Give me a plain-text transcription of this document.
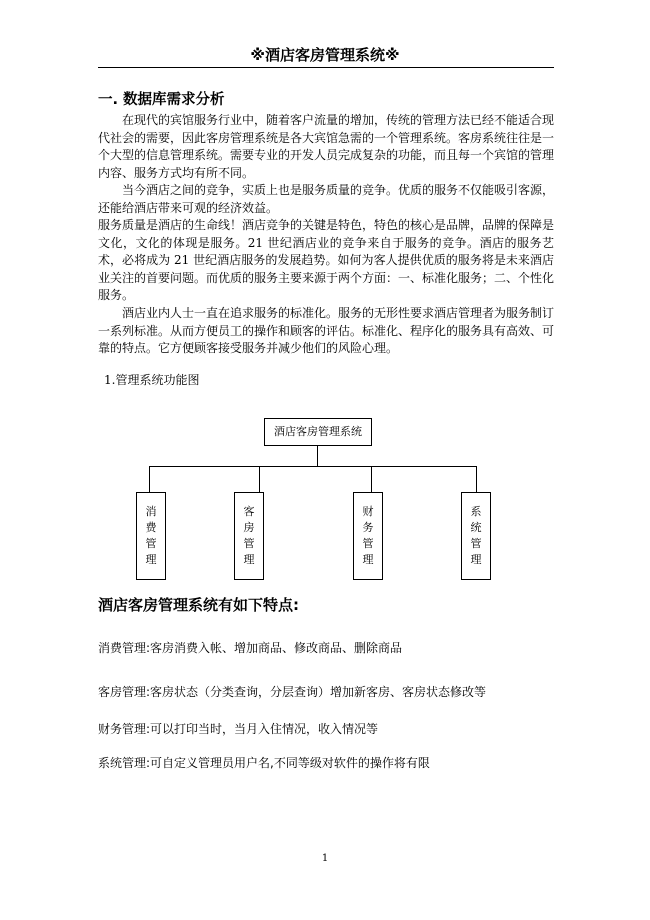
※酒店客房管理系统※
一. 数据库需求分析

在现代的宾馆服务行业中，随着客户流量的增加，传统的管理方法已经不能适合现代社会的需要，因此客房管理系统是各大宾馆急需的一个管理系统。客房系统往往是一个大型的信息管理系统。需要专业的开发人员完成复杂的功能，而且每一个宾馆的管理内容、服务方式均有所不同。

当今酒店之间的竞争，实质上也是服务质量的竞争。优质的服务不仅能吸引客源，还能给酒店带来可观的经济效益。

服务质量是酒店的生命线！酒店竞争的关键是特色，特色的核心是品牌，品牌的保障是文化，文化的体现是服务。21 世纪酒店业的竞争来自于服务的竞争。酒店的服务艺术，必将成为 21 世纪酒店服务的发展趋势。如何为客人提供优质的服务将是未来酒店业关注的首要问题。而优质的服务主要来源于两个方面：一、标准化服务；二、个性化服务。

酒店业内人士一直在追求服务的标准化。服务的无形性要求酒店管理者为服务制订一系列标准。从而方便员工的操作和顾客的评估。标准化、程序化的服务具有高效、可靠的特点。它方便顾客接受服务并减少他们的风险心理。

1.管理系统功能图
酒店客房管理系统
消
费
管
理
客
房
管
理
财
务
管
理
系
统
管
理
酒店客房管理系统有如下特点:
消费管理:客房消费入帐、增加商品、修改商品、删除商品
客房管理:客房状态（分类查询，分层查询）增加新客房、客房状态修改等
财务管理:可以打印当时，当月入住情况，收入情况等
系统管理:可自定义管理员用户名,不同等级对软件的操作将有限
1
